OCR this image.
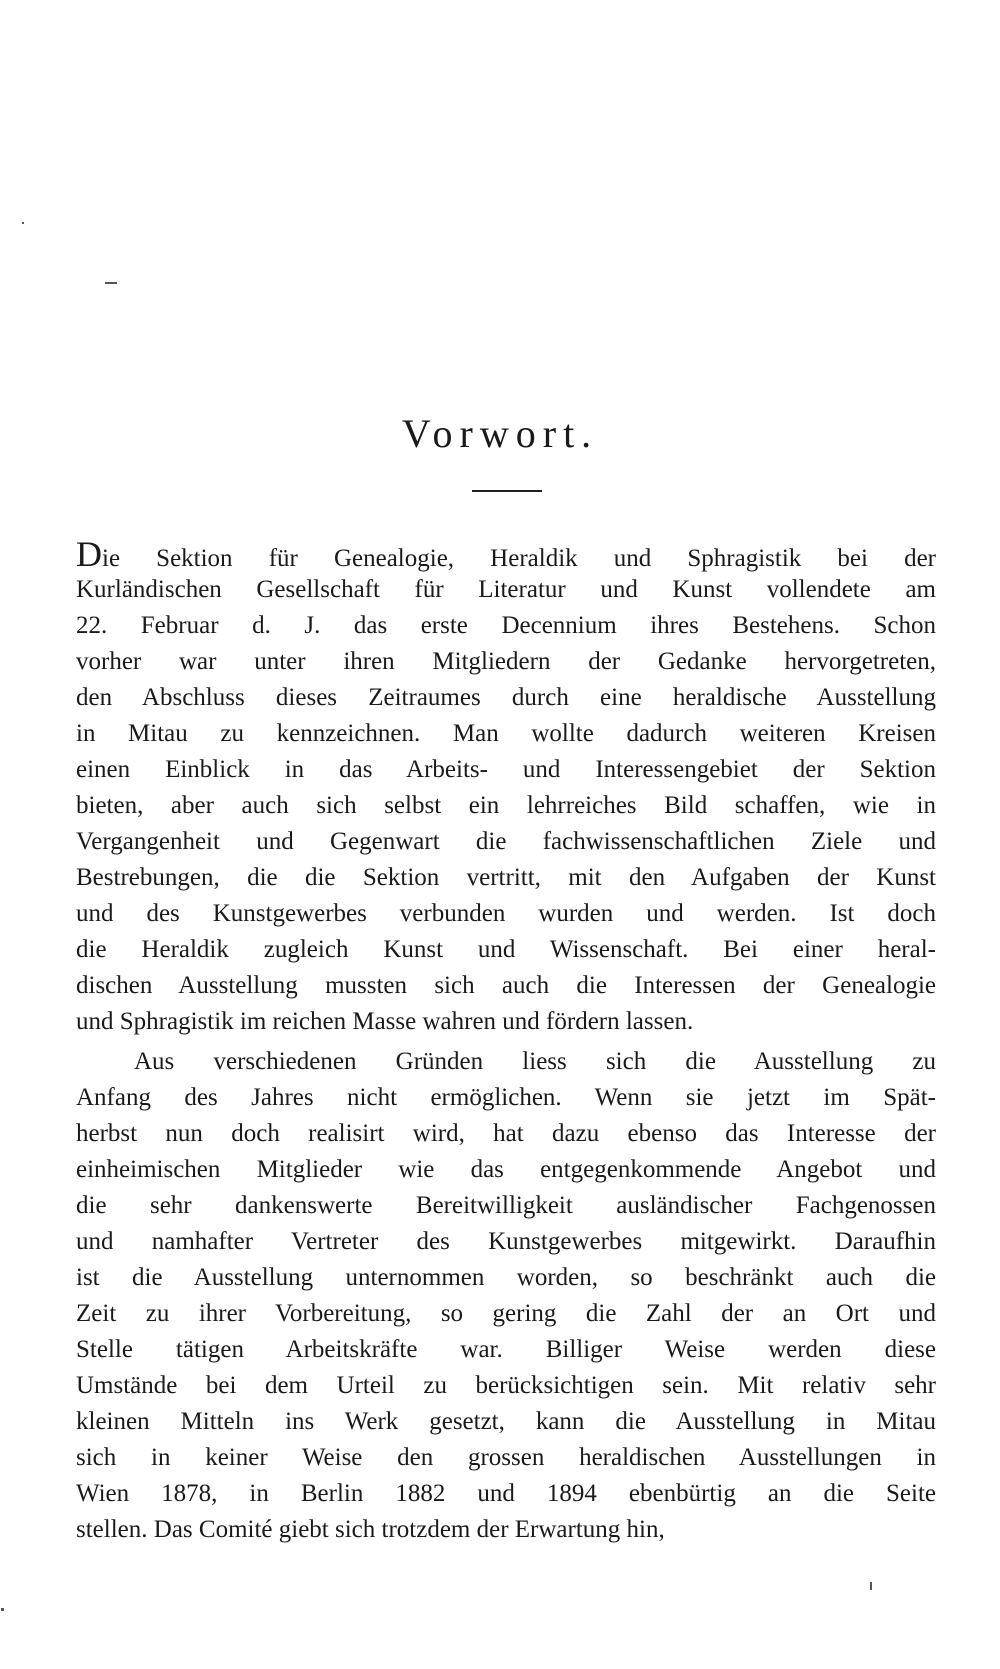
Vorwort.

Die Sektion für Genealogie, Heraldik und Sphragistik bei der
Kurländischen Gesellschaft für Literatur und Kunst vollendete am
22. Februar d. J. das erste Decennium ihres Bestehens. Schon
vorher war unter ihren Mitgliedern der Gedanke hervorgetreten,
den Abschluss dieses Zeitraumes durch eine heraldische Ausstellung
in Mitau zu kennzeichnen. Man wollte dadurch weiteren Kreisen
einen Einblick in das Arbeits- und Interessengebiet der Sektion
bieten, aber auch sich selbst ein lehrreiches Bild schaffen, wie in
Vergangenheit und Gegenwart die fachwissenschaftlichen Ziele und
Bestrebungen, die die Sektion vertritt, mit den Aufgaben der Kunst
und des Kunstgewerbes verbunden wurden und werden. Ist doch
die Heraldik zugleich Kunst und Wissenschaft. Bei einer heral-
dischen Ausstellung mussten sich auch die Interessen der Genealogie
und Sphragistik im reichen Masse wahren und fördern lassen.

Aus verschiedenen Gründen liess sich die Ausstellung zu
Anfang des Jahres nicht ermöglichen. Wenn sie jetzt im Spät-
herbst nun doch realisirt wird, hat dazu ebenso das Interesse der
einheimischen Mitglieder wie das entgegenkommende Angebot und
die sehr dankenswerte Bereitwilligkeit ausländischer Fachgenossen
und namhafter Vertreter des Kunstgewerbes mitgewirkt. Daraufhin
ist die Ausstellung unternommen worden, so beschränkt auch die
Zeit zu ihrer Vorbereitung, so gering die Zahl der an Ort und
Stelle tätigen Arbeitskräfte war. Billiger Weise werden diese
Umstände bei dem Urteil zu berücksichtigen sein. Mit relativ sehr
kleinen Mitteln ins Werk gesetzt, kann die Ausstellung in Mitau
sich in keiner Weise den grossen heraldischen Ausstellungen in
Wien 1878, in Berlin 1882 und 1894 ebenbürtig an die Seite
stellen. Das Comité giebt sich trotzdem der Erwartung hin,
